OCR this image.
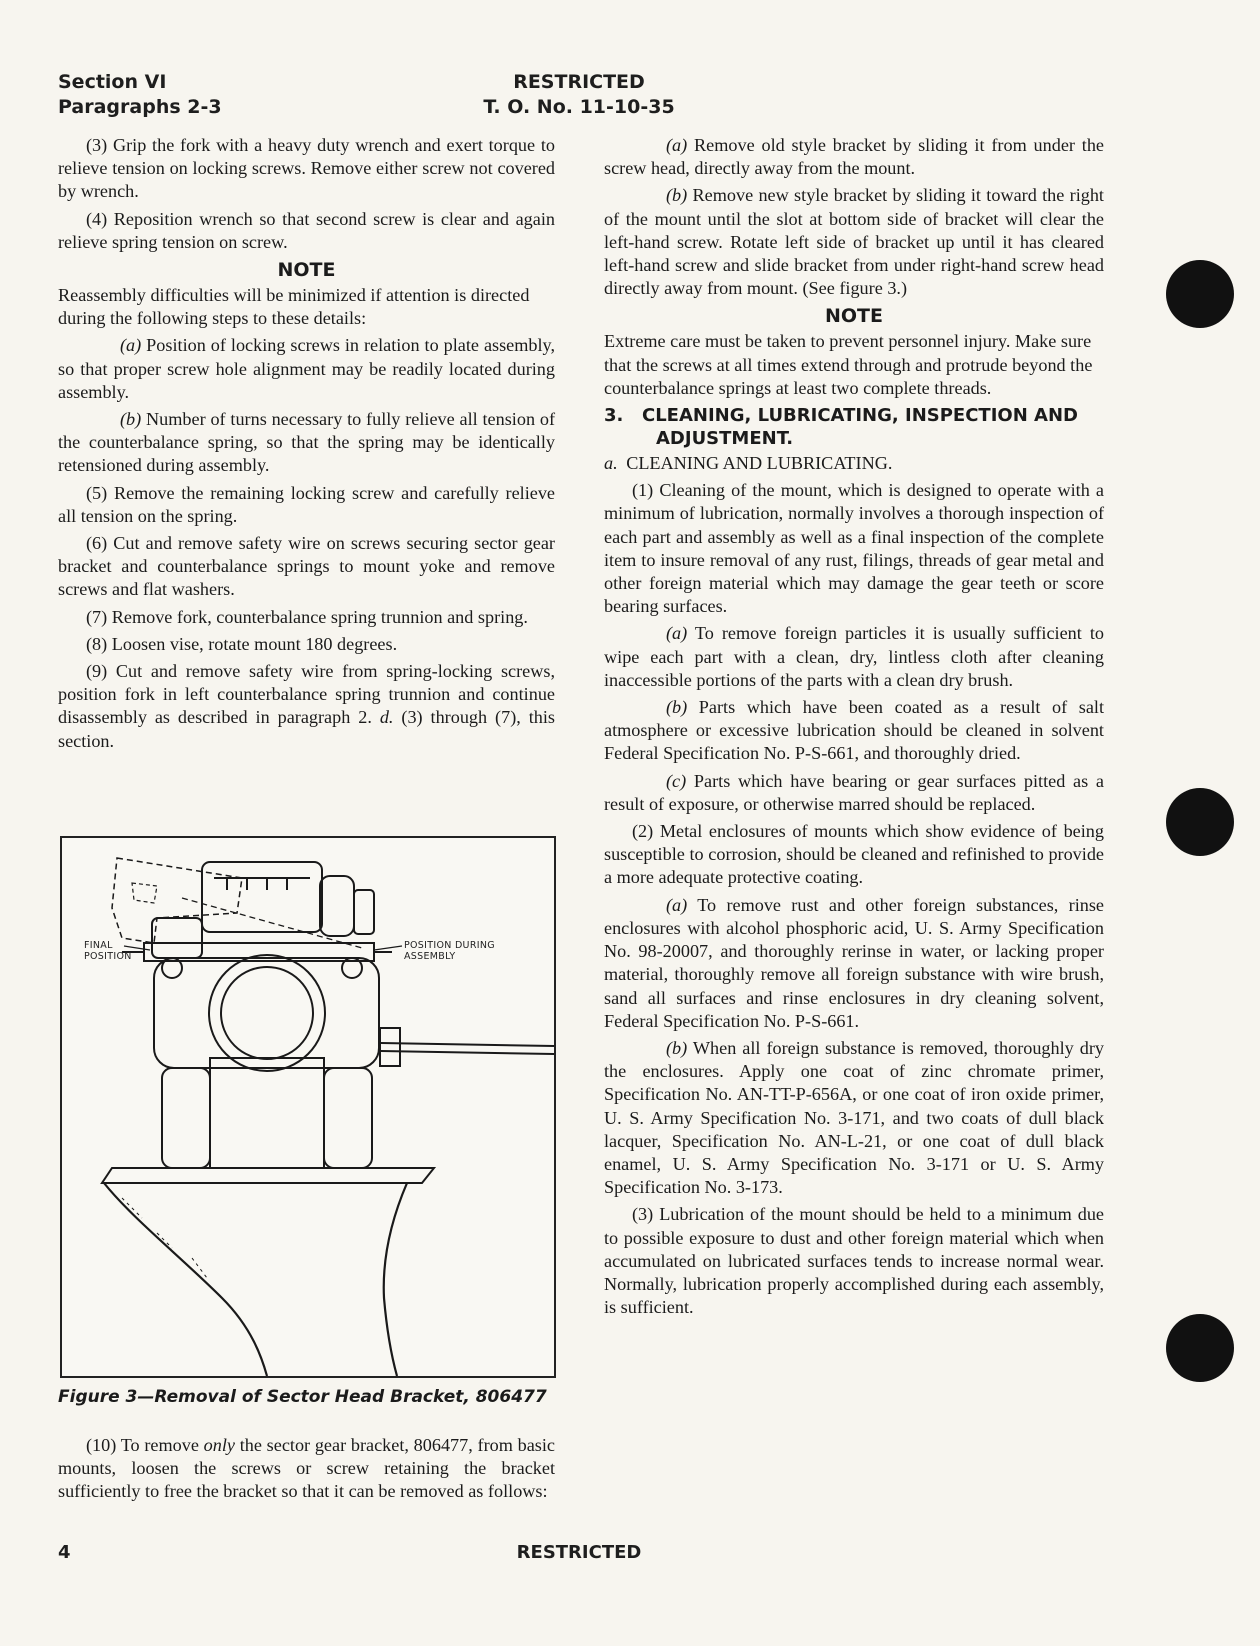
Section VI
Paragraphs 2-3
RESTRICTED
T. O. No. 11-10-35

(3) Grip the fork with a heavy duty wrench and exert torque to relieve tension on locking screws. Remove either screw not covered by wrench.

(4) Reposition wrench so that second screw is clear and again relieve spring tension on screw.

NOTE

Reassembly difficulties will be minimized if attention is directed during the following steps to these details:

(a) Position of locking screws in relation to plate assembly, so that proper screw hole alignment may be readily located during assembly.

(b) Number of turns necessary to fully relieve all tension of the counterbalance spring, so that the spring may be identically retensioned during assembly.

(5) Remove the remaining locking screw and carefully relieve all tension on the spring.

(6) Cut and remove safety wire on screws securing sector gear bracket and counterbalance springs to mount yoke and remove screws and flat washers.

(7) Remove fork, counterbalance spring trunnion and spring.

(8) Loosen vise, rotate mount 180 degrees.

(9) Cut and remove safety wire from spring-locking screws, position fork in left counterbalance spring trunnion and continue disassembly as described in paragraph 2. d. (3) through (7), this section.

FINAL POSITION
POSITION DURING ASSEMBLY
Figure 3—Removal of Sector Head Bracket, 806477

(10) To remove only the sector gear bracket, 806477, from basic mounts, loosen the screws or screw retaining the bracket sufficiently to free the bracket so that it can be removed as follows:

(a) Remove old style bracket by sliding it from under the screw head, directly away from the mount.

(b) Remove new style bracket by sliding it toward the right of the mount until the slot at bottom side of bracket will clear the left-hand screw. Rotate left side of bracket up until it has cleared left-hand screw and slide bracket from under right-hand screw head directly away from mount. (See figure 3.)

NOTE

Extreme care must be taken to prevent personnel injury. Make sure that the screws at all times extend through and protrude beyond the counterbalance springs at least two complete threads.

3. CLEANING, LUBRICATING, INSPECTION AND
ADJUSTMENT.

a. CLEANING AND LUBRICATING.

(1) Cleaning of the mount, which is designed to operate with a minimum of lubrication, normally involves a thorough inspection of each part and assembly as well as a final inspection of the complete item to insure removal of any rust, filings, threads of gear metal and other foreign material which may damage the gear teeth or score bearing surfaces.

(a) To remove foreign particles it is usually sufficient to wipe each part with a clean, dry, lintless cloth after cleaning inaccessible portions of the parts with a clean dry brush.

(b) Parts which have been coated as a result of salt atmosphere or excessive lubrication should be cleaned in solvent Federal Specification No. P-S-661, and thoroughly dried.

(c) Parts which have bearing or gear surfaces pitted as a result of exposure, or otherwise marred should be replaced.

(2) Metal enclosures of mounts which show evidence of being susceptible to corrosion, should be cleaned and refinished to provide a more adequate protective coating.

(a) To remove rust and other foreign substances, rinse enclosures with alcohol phosphoric acid, U. S. Army Specification No. 98-20007, and thoroughly rerinse in water, or lacking proper material, thoroughly remove all foreign substance with wire brush, sand all surfaces and rinse enclosures in dry cleaning solvent, Federal Specification No. P-S-661.

(b) When all foreign substance is removed, thoroughly dry the enclosures. Apply one coat of zinc chromate primer, Specification No. AN-TT-P-656A, or one coat of iron oxide primer, U. S. Army Specification No. 3-171, and two coats of dull black lacquer, Specification No. AN-L-21, or one coat of dull black enamel, U. S. Army Specification No. 3-171 or U. S. Army Specification No. 3-173.

(3) Lubrication of the mount should be held to a minimum due to possible exposure to dust and other foreign material which when accumulated on lubricated surfaces tends to increase normal wear. Normally, lubrication properly accomplished during each assembly, is sufficient.

4	RESTRICTED
